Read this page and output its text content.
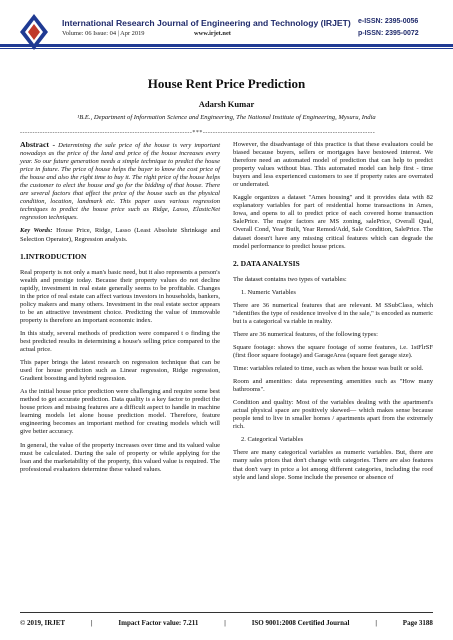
International Research Journal of Engineering and Technology (IRJET)
Volume: 06 Issue: 04 | Apr 2019	www.irjet.net
e-ISSN: 2395-0056
p-ISSN: 2395-0072
House Rent Price Prediction
Adarsh Kumar
¹B.E., Department of Information Science and Engineering, The National Institute of Engineering, Mysuru, India
---------------------------------------------------------------------***---------------------------------------------------------------------

Abstract - Determining the sale price of the house is very important nowadays as the price of the land and price of the house increases every year. So our future generation needs a simple technique to predict the house price in future. The price of house helps the buyer to know the cost price of the house and also the right time to buy it. The right price of the house helps the customer to elect the house and go for the bidding of that house. There are several factors that affect the price of the house such as the physical condition, location, landmark etc. This paper uses various regression techniques to predict the house price such as Ridge, Lasso, ElasticNet regression techniques.

Key Words: House Price, Ridge, Lasso (Least Absolute Shrinkage and Selection Operator), Regression analysis.

1.INTRODUCTION

Real property is not only a man's basic need, but it also represents a person's wealth and prestige today. Because their property values do not decline rapidly, investment in real estate generally seems to be profitable. Changes in the price of real estate can affect various investors in households, bankers, policy makers and many others. Investment in the real estate sector appears to be an attractive investment choice. Predicting the value of immovable property is therefore an important economic index.

In this study, several methods of prediction were compared t o finding the best predicted results in determining a house's selling price compared to the actual price.

This paper brings the latest research on regression technique that can be used for house prediction such as Linear regression, Ridge regression, Gradient boosting and hybrid regression.

As the initial house price prediction were challenging and require some best method to get accurate prediction. Data quality is a key factor to predict the house prices and missing features are a difficult aspect to handle in machine learning models let alone house prediction model. Therefore, feature engineering becomes an important method for creating models which will give better accuracy.

In general, the value of the property increases over time and its valued value must be calculated. During the sale of property or while applying for the loan and the marketability of the property, this valued value is required. The professional evaluators determine these valued values.

However, the disadvantage of this practice is that these evaluators could be biased because buyers, sellers or mortgages have bestowed interest. We therefore need an automated model of prediction that can help to predict property values without bias. This automated model can help first - time buyers and less experienced customers to see if property rates are overrated or underrated.

Kaggle organizes a dataset "Ames housing" and it provides data with 82 explanatory variables for part of residential home transactions in Ames, Iowa, and opens to all to predict price of each covered home transaction SalePrice. The major factors are MS zoning, salePrice, Overall Qual, Overall Cond, Year Built, Year Remod/Add, Sale Condition, SalePrice. The dataset doesn't have any missing critical features which can degrade the model performance to predict house prices.

2. DATA ANALYSIS

The dataset contains two types of variables:

1. Numeric Variables

There are 36 numerical features that are relevant. M SSubClass, which "identifies the type of residence involve d in the sale," is encoded as numeric but is a categorical va riable in reality.

There are 36 numerical features, of the following types:

Square footage: shows the square footage of some features, i.e. 1stFlrSF (first floor square footage) and GarageArea (square feet garage size).

Time: variables related to time, such as when the house was built or sold.

Room and amenities: data representing amenities such as "How many bathrooms".

Condition and quality: Most of the variables dealing with the apartment's actual physical space are positively skewed— which makes sense because people tend to live in smaller homes / apartments apart from the extremely rich.

2. Categorical Variables

There are many categorical variables as numeric variables. But, there are many sales prices that don't change with categories. There are also features that don't vary in price a lot among different categories, including the roof style and land slope. Some include the presence or absence of

© 2019, IRJET	|	Impact Factor value: 7.211	|	ISO 9001:2008 Certified Journal	|	Page 3188
